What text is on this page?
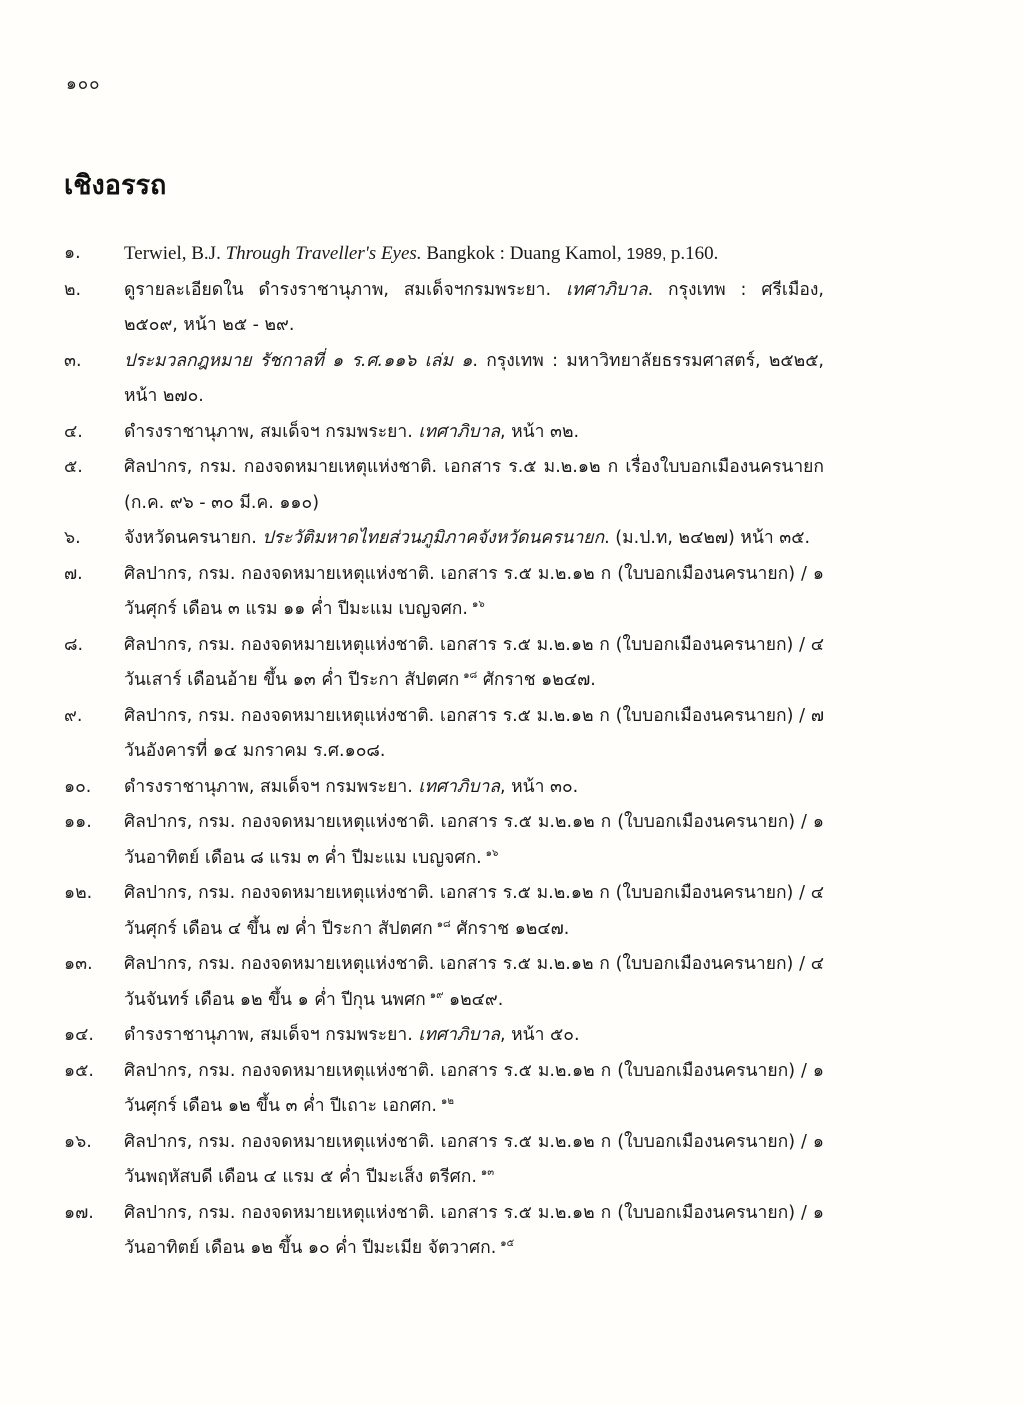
๑๐๐
เชิงอรรถ
๑.	Terwiel, B.J. Through Traveller's Eyes. Bangkok : Duang Kamol, 1989, p.160.
๒.	ดูรายละเอียดใน ดำรงราชานุภาพ, สมเด็จฯกรมพระยา. เทศาภิบาล. กรุงเทพ : ศรีเมือง, ๒๕๐๙, หน้า ๒๕ - ๒๙.
๓.	ประมวลกฎหมาย รัชกาลที่ ๑ ร.ศ.๑๑๖ เล่ม ๑. กรุงเทพ : มหาวิทยาลัยธรรมศาสตร์, ๒๕๒๕, หน้า ๒๗๐.
๔.	ดำรงราชานุภาพ, สมเด็จฯ กรมพระยา. เทศาภิบาล, หน้า ๓๒.
๕.	ศิลปากร, กรม. กองจดหมายเหตุแห่งชาติ. เอกสาร ร.๕ ม.๒.๑๒ ก เรื่องใบบอกเมืองนครนายก (ก.ค. ๙๖ - ๓๐ มี.ค. ๑๑๐)
๖.	จังหวัดนครนายก. ประวัติมหาดไทยส่วนภูมิภาคจังหวัดนครนายก. (ม.ป.ท, ๒๔๒๗) หน้า ๓๕.
๗.	ศิลปากร, กรม. กองจดหมายเหตุแห่งชาติ. เอกสาร ร.๕ ม.๒.๑๒ ก (ใบบอกเมืองนครนายก) / ๑ วันศุกร์ เดือน ๓ แรม ๑๑ ค่ำ ปีมะแม เบญจศก. $^{๑๖}$
๘.	ศิลปากร, กรม. กองจดหมายเหตุแห่งชาติ. เอกสาร ร.๕ ม.๒.๑๒ ก (ใบบอกเมืองนครนายก) / ๔ วันเสาร์ เดือนอ้าย ขึ้น ๑๓ ค่ำ ปีระกา สัปตศก $^{๑๘}$ ศักราช ๑๒๔๗.
๙.	ศิลปากร, กรม. กองจดหมายเหตุแห่งชาติ. เอกสาร ร.๕ ม.๒.๑๒ ก (ใบบอกเมืองนครนายก) / ๗ วันอังคารที่ ๑๔ มกราคม ร.ศ.๑๐๘.
๑๐.	ดำรงราชานุภาพ, สมเด็จฯ กรมพระยา. เทศาภิบาล, หน้า ๓๐.
๑๑.	ศิลปากร, กรม. กองจดหมายเหตุแห่งชาติ. เอกสาร ร.๕ ม.๒.๑๒ ก (ใบบอกเมืองนครนายก) / ๑ วันอาทิตย์ เดือน ๘ แรม ๓ ค่ำ ปีมะแม เบญจศก. $^{๑๖}$
๑๒.	ศิลปากร, กรม. กองจดหมายเหตุแห่งชาติ. เอกสาร ร.๕ ม.๒.๑๒ ก (ใบบอกเมืองนครนายก) / ๔ วันศุกร์ เดือน ๔ ขึ้น ๗ ค่ำ ปีระกา สัปตศก $^{๑๘}$ ศักราช ๑๒๔๗.
๑๓.	ศิลปากร, กรม. กองจดหมายเหตุแห่งชาติ. เอกสาร ร.๕ ม.๒.๑๒ ก (ใบบอกเมืองนครนายก) / ๔ วันจันทร์ เดือน ๑๒ ขึ้น ๑ ค่ำ ปีกุน นพศก $^{๑๙}$ ๑๒๔๙.
๑๔.	ดำรงราชานุภาพ, สมเด็จฯ กรมพระยา. เทศาภิบาล, หน้า ๕๐.
๑๕.	ศิลปากร, กรม. กองจดหมายเหตุแห่งชาติ. เอกสาร ร.๕ ม.๒.๑๒ ก (ใบบอกเมืองนครนายก) / ๑ วันศุกร์ เดือน ๑๒ ขึ้น ๓ ค่ำ ปีเถาะ เอกศก. $^{๑๒}$
๑๖.	ศิลปากร, กรม. กองจดหมายเหตุแห่งชาติ. เอกสาร ร.๕ ม.๒.๑๒ ก (ใบบอกเมืองนครนายก) / ๑ วันพฤหัสบดี เดือน ๔ แรม ๕ ค่ำ ปีมะเส็ง ตรีศก. $^{๑๓}$
๑๗.	ศิลปากร, กรม. กองจดหมายเหตุแห่งชาติ. เอกสาร ร.๕ ม.๒.๑๒ ก (ใบบอกเมืองนครนายก) / ๑ วันอาทิตย์ เดือน ๑๒ ขึ้น ๑๐ ค่ำ ปีมะเมีย จัตวาศก. $^{๑๕}$
